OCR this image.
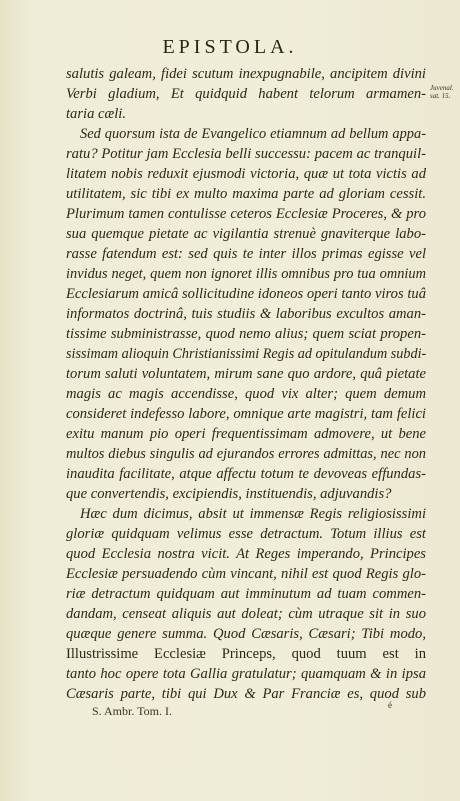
EPISTOLA.
salutis galeam, fidei scutum inexpugnabile, ancipitem divini
Verbi gladium, Et quidquid habent telorum armamen-
taria cæli.
Sed quorsum ista de Evangelico etiamnum ad bellum appa-
ratu? Potitur jam Ecclesia belli successu: pacem ac tranquil-
litatem nobis reduxit ejusmodi victoria, quæ ut tota victis ad
utilitatem, sic tibi ex multo maxima parte ad gloriam cessit.
Plurimum tamen contulisse ceteros Ecclesiæ Proceres, & pro
sua quemque pietate ac vigilantia strenuè gnaviterque labo-
rasse fatendum est: sed quis te inter illos primas egisse vel
invidus neget, quem non ignoret illis omnibus pro tua omnium
Ecclesiarum amicâ sollicitudine idoneos operi tanto viros tuâ
informatos doctrinâ, tuis studiis & laboribus excultos aman-
tissime subministrasse, quod nemo alius; quem sciat propen-
sissimam alioquin Christianissimi Regis ad opitulandum subdi-
torum saluti voluntatem, mirum sane quo ardore, quâ pietate
magis ac magis accendisse, quod vix alter; quem demum
consideret indefesso labore, omnique arte magistri, tam felici
exitu manum pio operi frequentissimam admovere, ut bene
multos diebus singulis ad ejurandos errores admittas, nec non
inaudita facilitate, atque affectu totum te devoveas effundas-
que convertendis, excipiendis, instituendis, adjuvandis?
Hæc dum dicimus, absit ut immensæ Regis religiosissimi
gloriæ quidquam velimus esse detractum. Totum illius est
quod Ecclesia nostra vicit. At Reges imperando, Principes
Ecclesiæ persuadendo cùm vincant, nihil est quod Regis glo-
riæ detractum quidquam aut imminutum ad tuam commen-
dandam, censeat aliquis aut doleat; cùm utraque sit in suo
quæque genere summa. Quod Cæsaris, Cæsari; Tibi modo,
Illustrissime Ecclesiæ Princeps, quod tuum est in
tanto hoc opere tota Gallia gratulatur; quamquam & in ipsa
Cæsaris parte, tibi qui Dux & Par Franciæ es, quod sub
Juvenal.
sat. 15.
S. Ambr. Tom. I.	é
